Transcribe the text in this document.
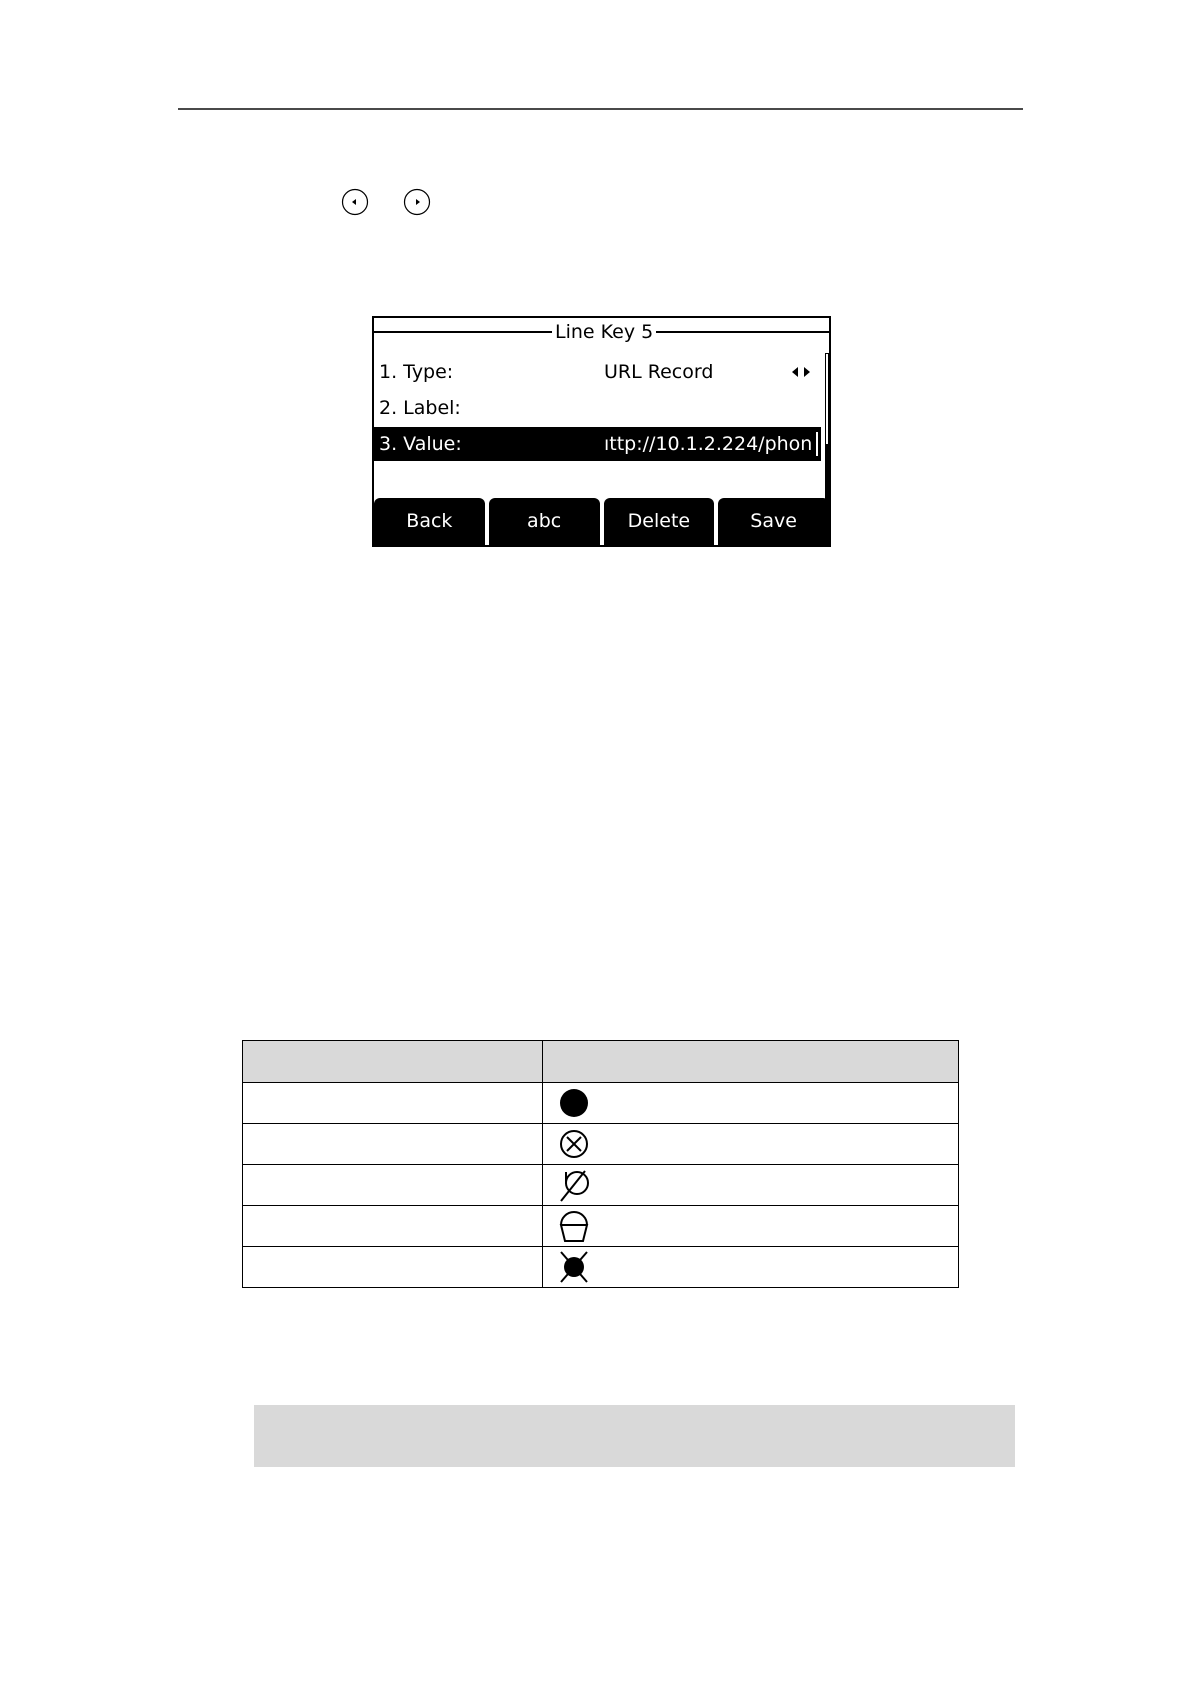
Line Key 5
1. Type:	URL Record
2. Label:
3. Value:	ıttp://10.1.2.224/phon
Back	abc	Delete	Save
